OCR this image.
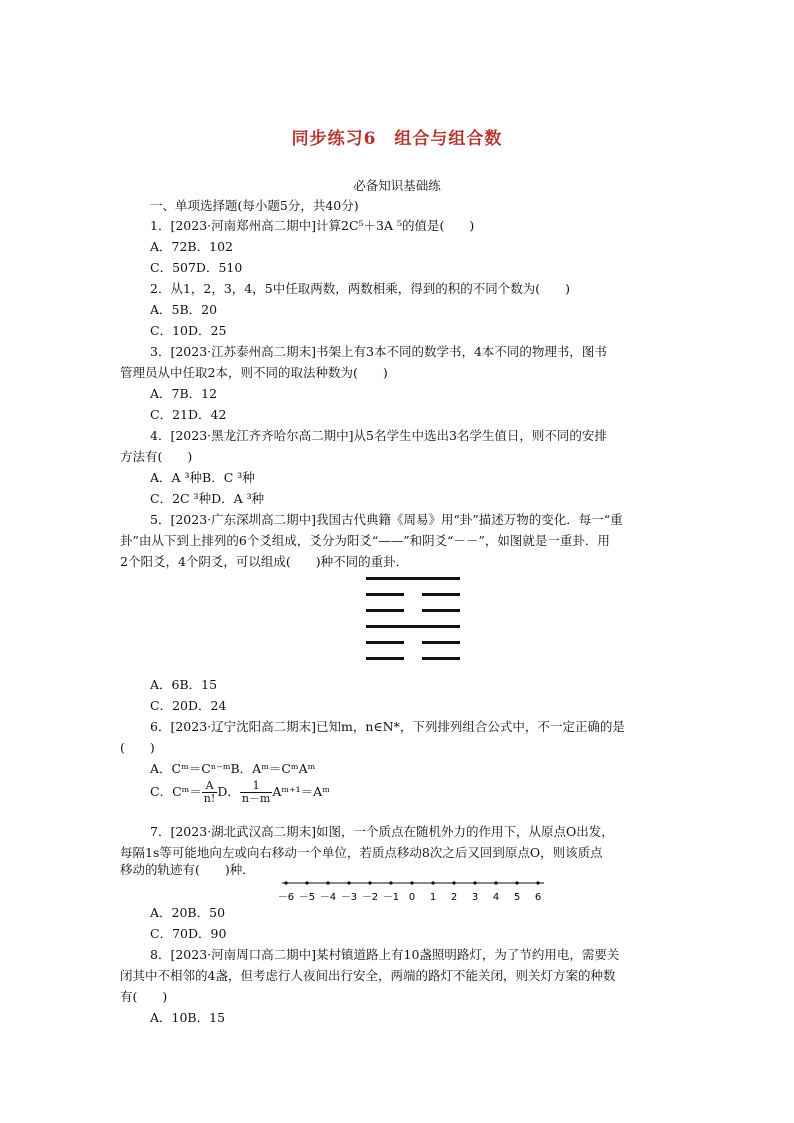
同步练习6　组合与组合数
必备知识基础练
一、单项选择题(每小题5分，共40分)
1．[2023·河南郑州高二期中]计算2C⁵＋3A ⁵的值是(　　)
A．72B．102
C．507D．510
2．从1，2，3，4，5中任取两数，两数相乘，得到的积的不同个数为(　　)
A．5B．20
C．10D．25
3．[2023·江苏泰州高二期末]书架上有3本不同的数学书，4本不同的物理书，图书
管理员从中任取2本，则不同的取法种数为(　　)
A．7B．12
C．21D．42
4．[2023·黑龙江齐齐哈尔高二期中]从5名学生中选出3名学生值日，则不同的安排
方法有(　　)
A．A ³种B．C ³种
C．2C ³种D．A ³种
5．[2023·广东深圳高二期中]我国古代典籍《周易》用“卦”描述万物的变化．每一“重
卦”由从下到上排列的6个爻组成，爻分为阳爻“——”和阴爻“－－”，如图就是一重卦．用
2个阳爻，4个阴爻，可以组成(　　)种不同的重卦．
A．6B．15
C．20D．24
6．[2023·辽宁沈阳高二期末]已知m，n∈N*，下列排列组合公式中，不一定正确的是
(　　)
A．Cᵐ＝Cⁿ⁻ᵐB．Aᵐ＝CᵐAᵐ
C．Cᵐ＝ $\frac{A}{n!}$ D． $\frac{1}{n-m}$ Aᵐ⁺¹＝Aᵐ
7．[2023·湖北武汉高二期末]如图，一个质点在随机外力的作用下，从原点O出发，
每隔1s等可能地向左或向右移动一个单位，若质点移动8次之后又回到原点O，则该质点
移动的轨迹有(　　)种．
－6 －5 －4 －3 －2 －1 0 1 2 3 4 5 6
A．20B．50
C．70D．90
8．[2023·河南周口高二期中]某村镇道路上有10盏照明路灯，为了节约用电，需要关
闭其中不相邻的4盏，但考虑行人夜间出行安全，两端的路灯不能关闭，则关灯方案的种数
有(　　)
A．10B．15
